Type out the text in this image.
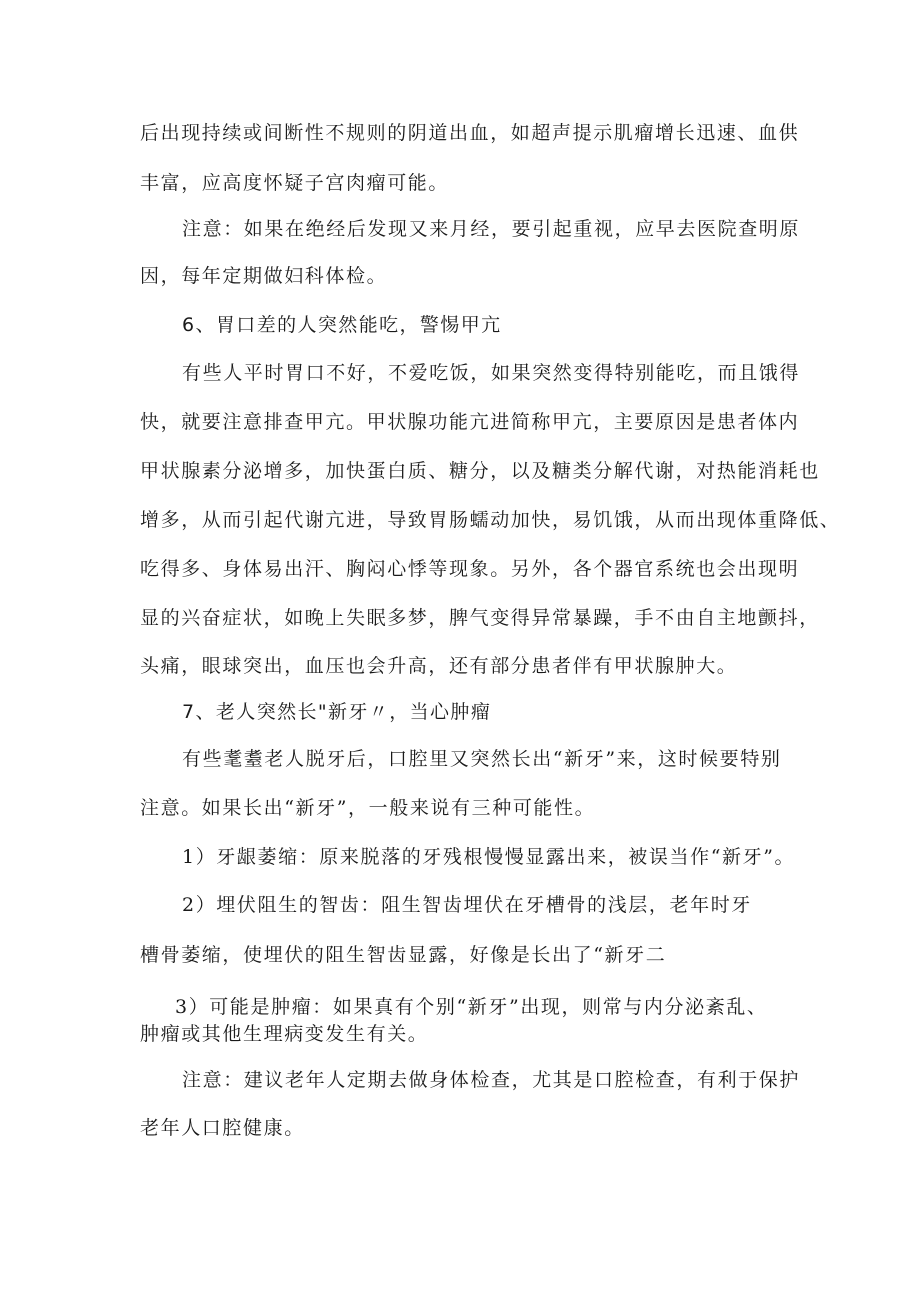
后出现持续或间断性不规则的阴道出血，如超声提示肌瘤增长迅速、血供
丰富，应高度怀疑子宫肉瘤可能。
注意：如果在绝经后发现又来月经，要引起重视，应早去医院查明原
因，每年定期做妇科体检。
6、胃口差的人突然能吃，警惕甲亢
有些人平时胃口不好，不爱吃饭，如果突然变得特别能吃，而且饿得
快，就要注意排查甲亢。甲状腺功能亢进简称甲亢，主要原因是患者体内
甲状腺素分泌增多，加快蛋白质、糖分，以及糖类分解代谢，对热能消耗也
增多，从而引起代谢亢进，导致胃肠蠕动加快，易饥饿，从而出现体重降低、
吃得多、身体易出汗、胸闷心悸等现象。另外，各个器官系统也会出现明
显的兴奋症状，如晚上失眠多梦，脾气变得异常暴躁，手不由自主地颤抖，
头痛，眼球突出，血压也会升高，还有部分患者伴有甲状腺肿大。
7、老人突然长"新牙〃，当心肿瘤
有些耄耋老人脱牙后，口腔里又突然长出“新牙”来，这时候要特别
注意。如果长出“新牙”，一般来说有三种可能性。
1）牙龈萎缩：原来脱落的牙残根慢慢显露出来，被误当作“新牙”。
2）埋伏阻生的智齿：阻生智齿埋伏在牙槽骨的浅层，老年时牙
槽骨萎缩，使埋伏的阻生智齿显露，好像是长出了“新牙二
3）可能是肿瘤：如果真有个别“新牙”出现，则常与内分泌紊乱、
肿瘤或其他生理病变发生有关。
注意：建议老年人定期去做身体检查，尤其是口腔检查，有利于保护
老年人口腔健康。
